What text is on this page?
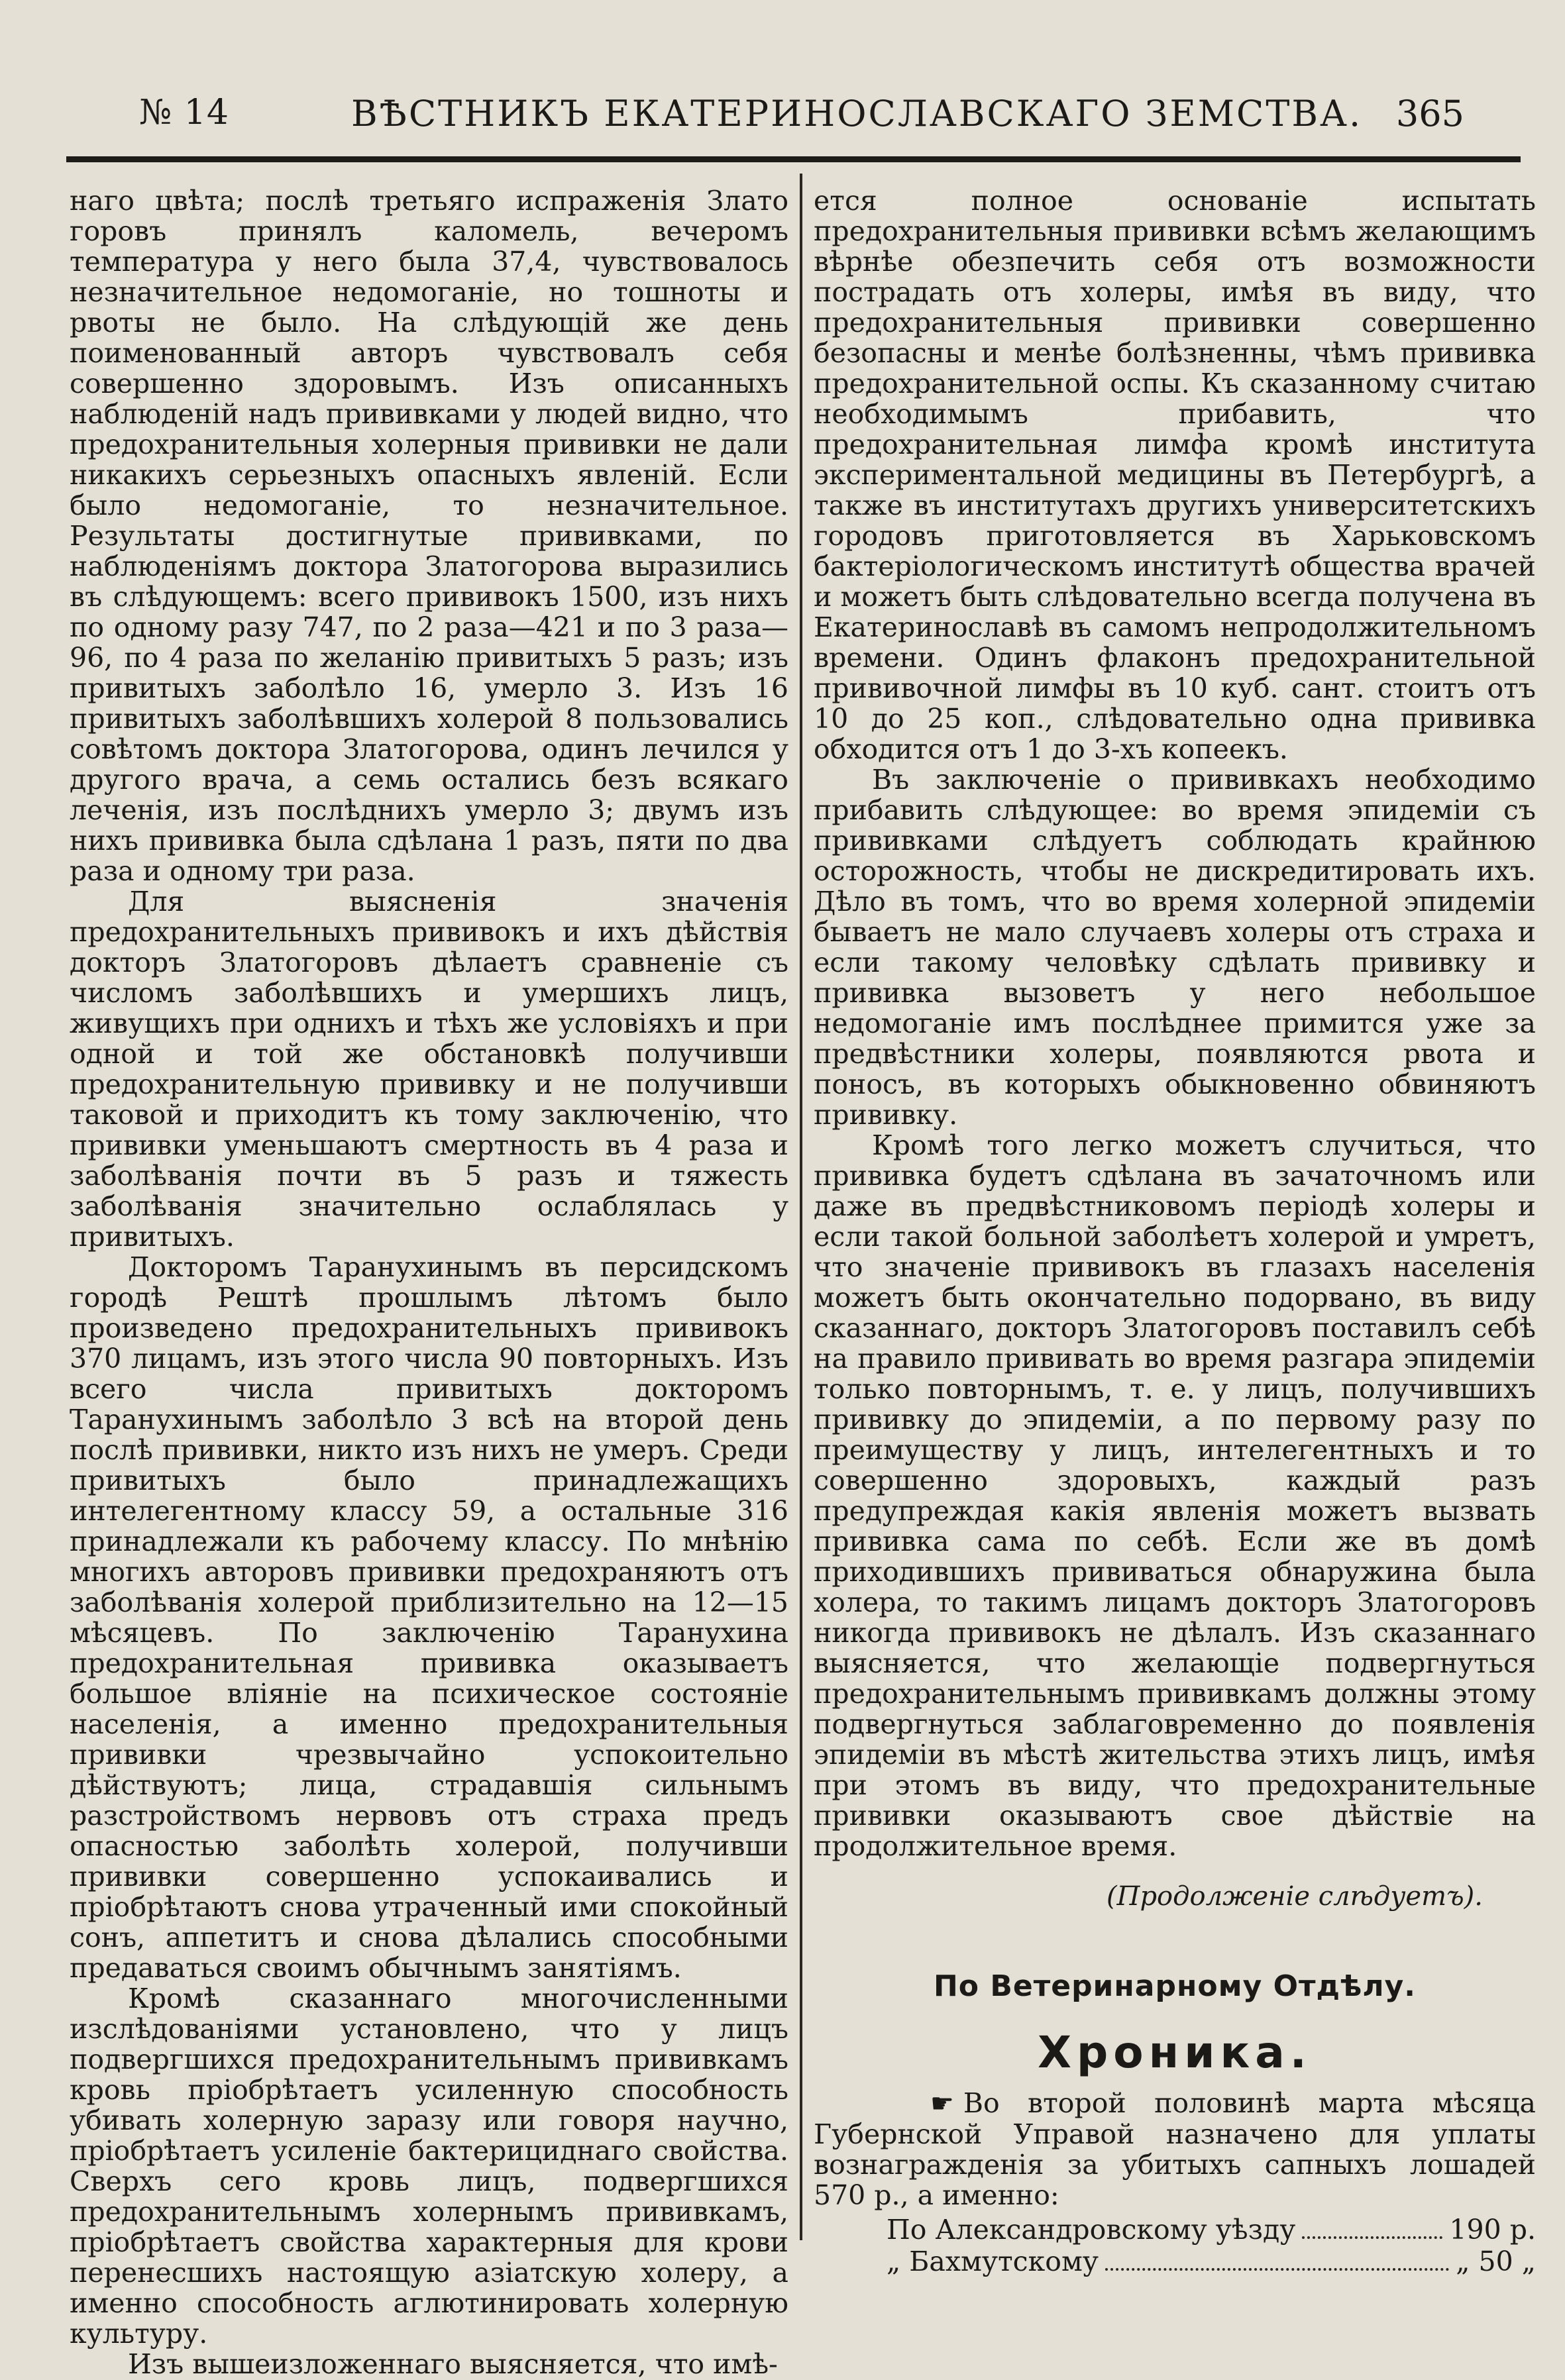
№ 14	ВѢСТНИКЪ ЕКАТЕРИНОСЛАВСКАГО ЗЕМСТВА. 365

наго цвѣта; послѣ третьяго испраженія Злато горовъ принялъ каломель, вечеромъ температура у него была 37,4, чувствовалось незначительное недомоганіе, но тошноты и рвоты не было. На слѣдующій же день поименованный авторъ чувствовалъ себя совершенно здоровымъ. Изъ описанныхъ наблюденій надъ прививками у людей видно, что предохранительныя холерныя прививки не дали никакихъ серьезныхъ опасныхъ явленій. Если было недомоганіе, то незначительное. Результаты достигнутые прививками, по наблюденіямъ доктора Златогорова выразились въ слѣдующемъ: всего прививокъ 1500, изъ нихъ по одному разу 747, по 2 раза—421 и по 3 раза—96, по 4 раза по желанію привитыхъ 5 разъ; изъ привитыхъ заболѣло 16, умерло 3. Изъ 16 привитыхъ заболѣвшихъ холерой 8 пользовались совѣтомъ доктора Златогорова, одинъ лечился у другого врача, а семь остались безъ всякаго леченія, изъ послѣднихъ умерло 3; двумъ изъ нихъ прививка была сдѣлана 1 разъ, пяти по два раза и одному три раза.

Для выясненія значенія предохранительныхъ прививокъ и ихъ дѣйствія докторъ Златогоровъ дѣлаетъ сравненіе съ числомъ заболѣвшихъ и умершихъ лицъ, живущихъ при однихъ и тѣхъ же условіяхъ и при одной и той же обстановкѣ получивши предохранительную прививку и не получивши таковой и приходитъ къ тому заключенію, что прививки уменьшаютъ смертность въ 4 раза и заболѣванія почти въ 5 разъ и тяжесть заболѣванія значительно ослаблялась у привитыхъ.

Докторомъ Таранухинымъ въ персидскомъ городѣ Рештѣ прошлымъ лѣтомъ было произведено предохранительныхъ прививокъ 370 лицамъ, изъ этого числа 90 повторныхъ. Изъ всего числа привитыхъ докторомъ Таранухинымъ заболѣло 3 всѣ на второй день послѣ прививки, никто изъ нихъ не умеръ. Среди привитыхъ было принадлежащихъ интелегентному классу 59, а остальные 316 принадлежали къ рабочему классу. По мнѣнію многихъ авторовъ прививки предохраняютъ отъ заболѣванія холерой приблизительно на 12—15 мѣсяцевъ. По заключенію Таранухина предохранительная прививка оказываетъ большое вліяніе на психическое состояніе населенія, а именно предохранительныя прививки чрезвычайно успокоительно дѣйствуютъ; лица, страдавшія сильнымъ разстройствомъ нервовъ отъ страха предъ опасностью заболѣть холерой, получивши прививки совершенно успокаивались и пріобрѣтаютъ снова утраченный ими спокойный сонъ, аппетитъ и снова дѣлались способными предаваться своимъ обычнымъ занятіямъ.

Кромѣ сказаннаго многочисленными изслѣдованіями установлено, что у лицъ подвергшихся предохранительнымъ прививкамъ кровь пріобрѣтаетъ усиленную способность убивать холерную заразу или говоря научно, пріобрѣтаетъ усиленіе бактерициднаго свойства. Сверхъ сего кровь лицъ, подвергшихся предохранительнымъ холернымъ прививкамъ, пріобрѣтаетъ свойства характерныя для крови перенесшихъ настоящую азіатскую холеру, а именно способность аглютинировать холерную культуру.

Изъ вышеизложеннаго выясняется, что имѣ-

ется полное основаніе испытать предохранительныя прививки всѣмъ желающимъ вѣрнѣе обезпечить себя отъ возможности пострадать отъ холеры, имѣя въ виду, что предохранительныя прививки совершенно безопасны и менѣе болѣзненны, чѣмъ прививка предохранительной оспы. Къ сказанному считаю необходимымъ прибавить, что предохранительная лимфа кромѣ института экспериментальной медицины въ Петербургѣ, а также въ институтахъ другихъ университетскихъ городовъ приготовляется въ Харьковскомъ бактеріологическомъ институтѣ общества врачей и можетъ быть слѣдовательно всегда получена въ Екатеринославѣ въ самомъ непродолжительномъ времени. Одинъ флаконъ предохранительной прививочной лимфы въ 10 куб. сант. стоитъ отъ 10 до 25 коп., слѣдовательно одна прививка обходится отъ 1 до 3-хъ копеекъ.

Въ заключеніе о прививкахъ необходимо прибавить слѣдующее: во время эпидеміи съ прививками слѣдуетъ соблюдать крайнюю осторожность, чтобы не дискредитировать ихъ. Дѣло въ томъ, что во время холерной эпидеміи бываетъ не мало случаевъ холеры отъ страха и если такому человѣку сдѣлать прививку и прививка вызоветъ у него небольшое недомоганіе имъ послѣднее примится уже за предвѣстники холеры, появляются рвота и поносъ, въ которыхъ обыкновенно обвиняютъ прививку.

Кромѣ того легко можетъ случиться, что прививка будетъ сдѣлана въ зачаточномъ или даже въ предвѣстниковомъ періодѣ холеры и если такой больной заболѣетъ холерой и умретъ, что значеніе прививокъ въ глазахъ населенія можетъ быть окончательно подорвано, въ виду сказаннаго, докторъ Златогоровъ поставилъ себѣ на правило прививать во время разгара эпидеміи только повторнымъ, т. е. у лицъ, получившихъ прививку до эпидеміи, а по первому разу по преимуществу у лицъ, интелегентныхъ и то совершенно здоровыхъ, каждый разъ предупреждая какія явленія можетъ вызвать прививка сама по себѣ. Если же въ домѣ приходившихъ прививаться обнаружина была холера, то такимъ лицамъ докторъ Златогоровъ никогда прививокъ не дѣлалъ. Изъ сказаннаго выясняется, что желающіе подвергнуться предохранительнымъ прививкамъ должны этому подвергнуться заблаговременно до появленія эпидеміи въ мѣстѣ жительства этихъ лицъ, имѣя при этомъ въ виду, что предохранительные прививки оказываютъ свое дѣйствіе на продолжительное время.

(Продолженіе слѣдуетъ).
По Ветеринарному Отдѣлу.
Хроника.

☛ Во второй половинѣ марта мѣсяца Губернской Управой назначено для уплаты вознагражденія за убитыхъ сапныхъ лошадей 570 р., а именно:

По Александровскому уѣзду	190 р.
„ Бахмутскому	„ 50 „
